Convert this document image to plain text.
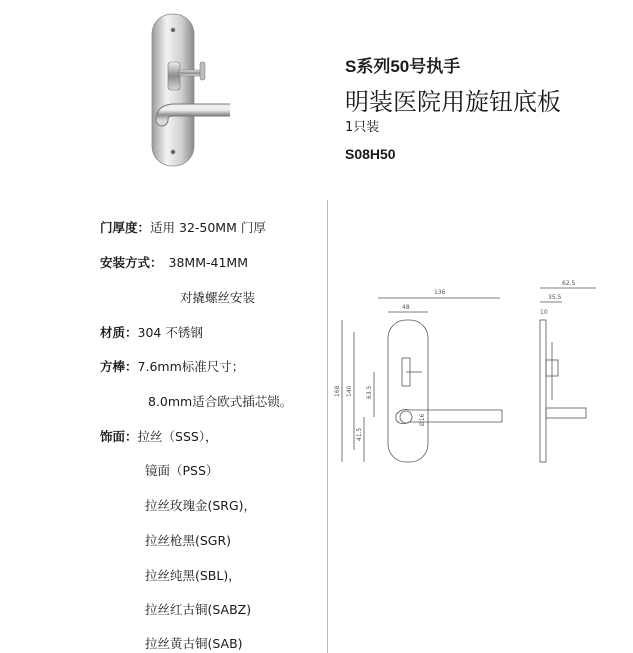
S系列50号执手
明装医院用旋钮底板
1只装
S08H50
门厚度：适用 32-50MM 门厚
安装方式： 38MM-41MM
对撬螺丝安装
材质：304 不锈钢
方棒：7.6mm标准尺寸；
8.0mm适合欧式插芯锁。
饰面：拉丝（SSS），
镜面（PSS）
拉丝玫瑰金(SRG)，
拉丝枪黑(SGR)
拉丝纯黑(SBL)，
拉丝红古铜(SABZ)
拉丝黄古铜(SAB)
136
48
168 140 63.5
41.5
Ø16
62.5
35.5
10
